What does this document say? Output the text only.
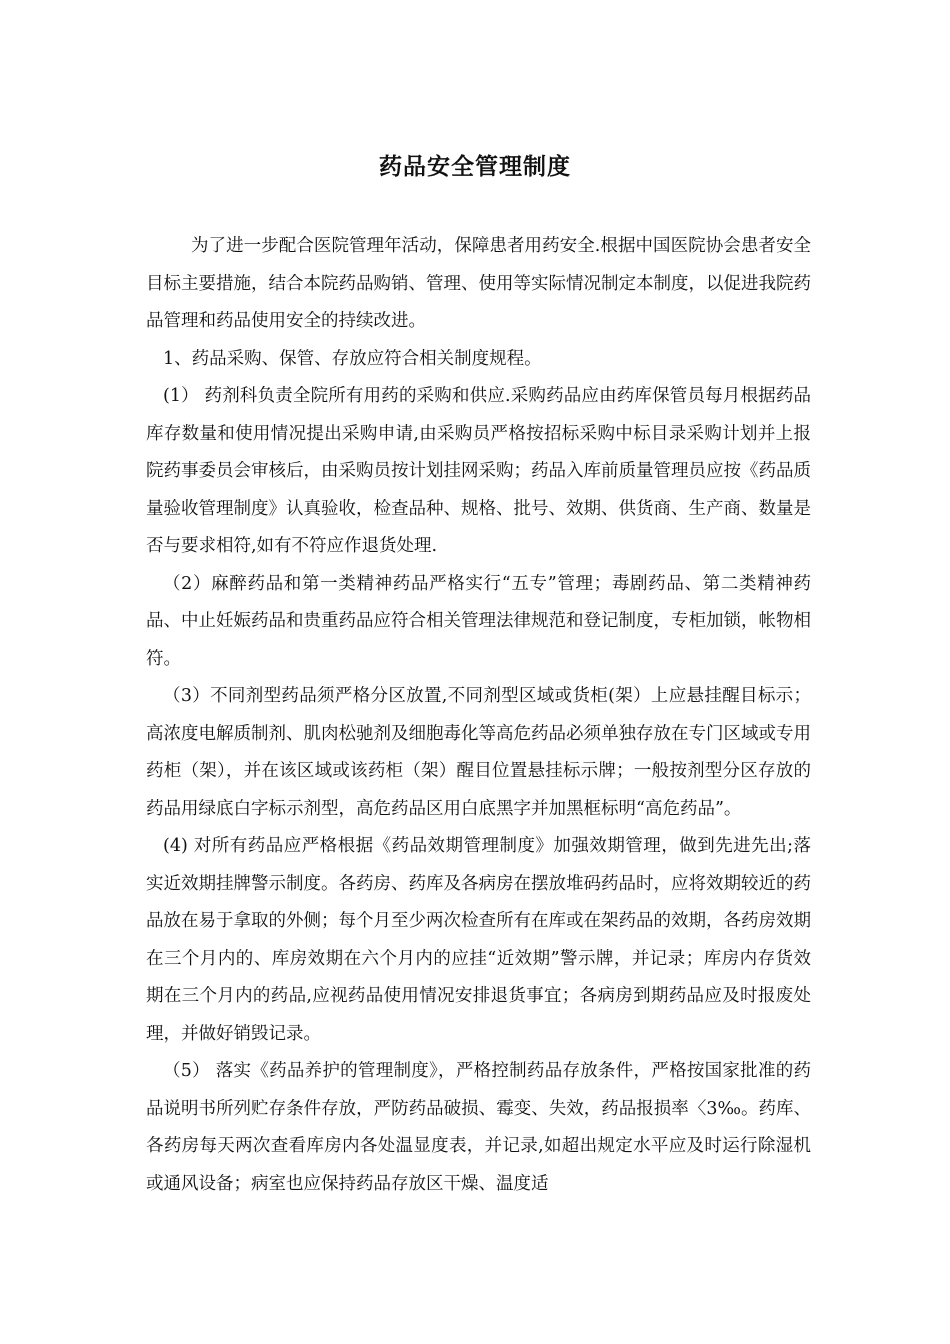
药品安全管理制度

为了进一步配合医院管理年活动，保障患者用药安全.根据中国医院协会患者安全目标主要措施，结合本院药品购销、管理、使用等实际情况制定本制度，以促进我院药品管理和药品使用安全的持续改进。

1、药品采购、保管、存放应符合相关制度规程。

(1） 药剂科负责全院所有用药的采购和供应.采购药品应由药库保管员每月根据药品库存数量和使用情况提出采购申请,由采购员严格按招标采购中标目录采购计划并上报院药事委员会审核后，由采购员按计划挂网采购；药品入库前质量管理员应按《药品质量验收管理制度》认真验收，检查品种、规格、批号、效期、供货商、生产商、数量是否与要求相符,如有不符应作退货处理.

（2）麻醉药品和第一类精神药品严格实行“五专”管理；毒剧药品、第二类精神药品、中止妊娠药品和贵重药品应符合相关管理法律规范和登记制度，专柜加锁，帐物相符。

（3）不同剂型药品须严格分区放置,不同剂型区域或货柜(架）上应悬挂醒目标示；高浓度电解质制剂、肌肉松驰剂及细胞毒化等高危药品必须单独存放在专门区域或专用药柜（架），并在该区域或该药柜（架）醒目位置悬挂标示牌；一般按剂型分区存放的药品用绿底白字标示剂型，高危药品区用白底黑字并加黑框标明“高危药品”。

(4) 对所有药品应严格根据《药品效期管理制度》加强效期管理，做到先进先出;落实近效期挂牌警示制度。各药房、药库及各病房在摆放堆码药品时，应将效期较近的药品放在易于拿取的外侧；每个月至少两次检查所有在库或在架药品的效期，各药房效期在三个月内的、库房效期在六个月内的应挂“近效期”警示牌，并记录；库房内存货效期在三个月内的药品,应视药品使用情况安排退货事宜；各病房到期药品应及时报废处理，并做好销毁记录。

（5） 落实《药品养护的管理制度》，严格控制药品存放条件，严格按国家批准的药品说明书所列贮存条件存放，严防药品破损、霉变、失效，药品报损率〈3‰。药库、各药房每天两次查看库房内各处温显度表，并记录,如超出规定水平应及时运行除湿机或通风设备；病室也应保持药品存放区干燥、温度适
